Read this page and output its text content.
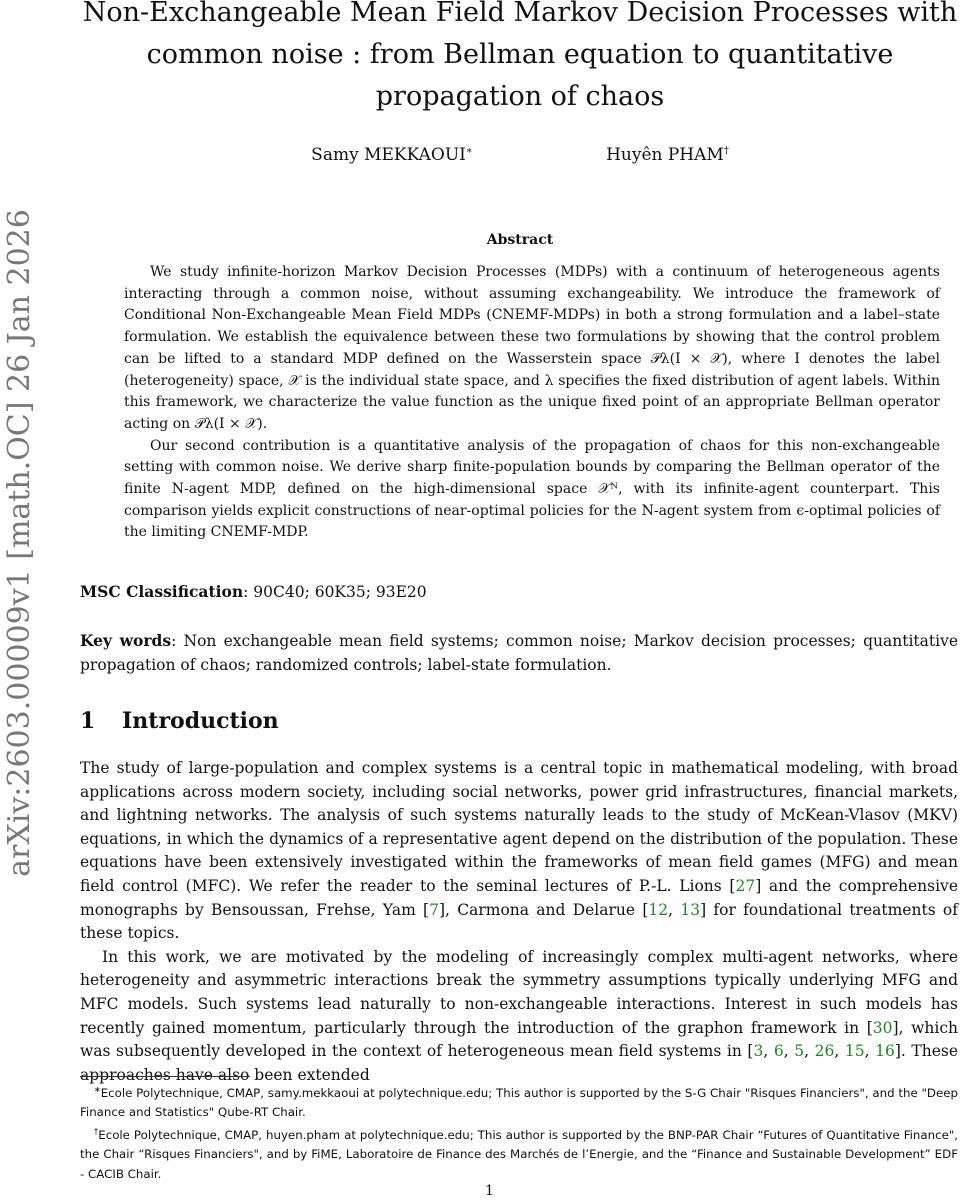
arXiv:2603.00009v1 [math.OC] 26 Jan 2026
Non-Exchangeable Mean Field Markov Decision Processes with common noise : from Bellman equation to quantitative propagation of chaos
Samy MEKKAOUI∗	Huyên PHAM†
Abstract

We study infinite-horizon Markov Decision Processes (MDPs) with a continuum of heterogeneous agents interacting through a common noise, without assuming exchangeability. We introduce the framework of Conditional Non-Exchangeable Mean Field MDPs (CNEMF-MDPs) in both a strong formulation and a label–state formulation. We establish the equivalence between these two formulations by showing that the control problem can be lifted to a standard MDP defined on the Wasserstein space 𝒫λ(I × 𝒳), where I denotes the label (heterogeneity) space, 𝒳 is the individual state space, and λ specifies the fixed distribution of agent labels. Within this framework, we characterize the value function as the unique fixed point of an appropriate Bellman operator acting on 𝒫λ(I × 𝒳).

Our second contribution is a quantitative analysis of the propagation of chaos for this non-exchangeable setting with common noise. We derive sharp finite-population bounds by comparing the Bellman operator of the finite N-agent MDP, defined on the high-dimensional space 𝒳ᴺ, with its infinite-agent counterpart. This comparison yields explicit constructions of near-optimal policies for the N-agent system from ϵ-optimal policies of the limiting CNEMF-MDP.

MSC Classification: 90C40; 60K35; 93E20
Key words: Non exchangeable mean field systems; common noise; Markov decision processes; quantitative propagation of chaos; randomized controls; label-state formulation.
1 Introduction

The study of large-population and complex systems is a central topic in mathematical modeling, with broad applications across modern society, including social networks, power grid infrastructures, financial markets, and lightning networks. The analysis of such systems naturally leads to the study of McKean-Vlasov (MKV) equations, in which the dynamics of a representative agent depend on the distribution of the population. These equations have been extensively investigated within the frameworks of mean field games (MFG) and mean field control (MFC). We refer the reader to the seminal lectures of P.-L. Lions [27] and the comprehensive monographs by Bensoussan, Frehse, Yam [7], Carmona and Delarue [12, 13] for foundational treatments of these topics.

In this work, we are motivated by the modeling of increasingly complex multi-agent networks, where heterogeneity and asymmetric interactions break the symmetry assumptions typically underlying MFG and MFC models. Such systems lead naturally to non-exchangeable interactions. Interest in such models has recently gained momentum, particularly through the introduction of the graphon framework in [30], which was subsequently developed in the context of heterogeneous mean field systems in [3, 6, 5, 26, 15, 16]. These approaches have also been extended

∗Ecole Polytechnique, CMAP, samy.mekkaoui at polytechnique.edu; This author is supported by the S-G Chair "Risques Financiers", and the "Deep Finance and Statistics" Qube-RT Chair.

†Ecole Polytechnique, CMAP, huyen.pham at polytechnique.edu; This author is supported by the BNP-PAR Chair “Futures of Quantitative Finance", the Chair “Risques Financiers", and by FiME, Laboratoire de Finance des Marchés de l’Energie, and the “Finance and Sustainable Development” EDF - CACIB Chair.

1
